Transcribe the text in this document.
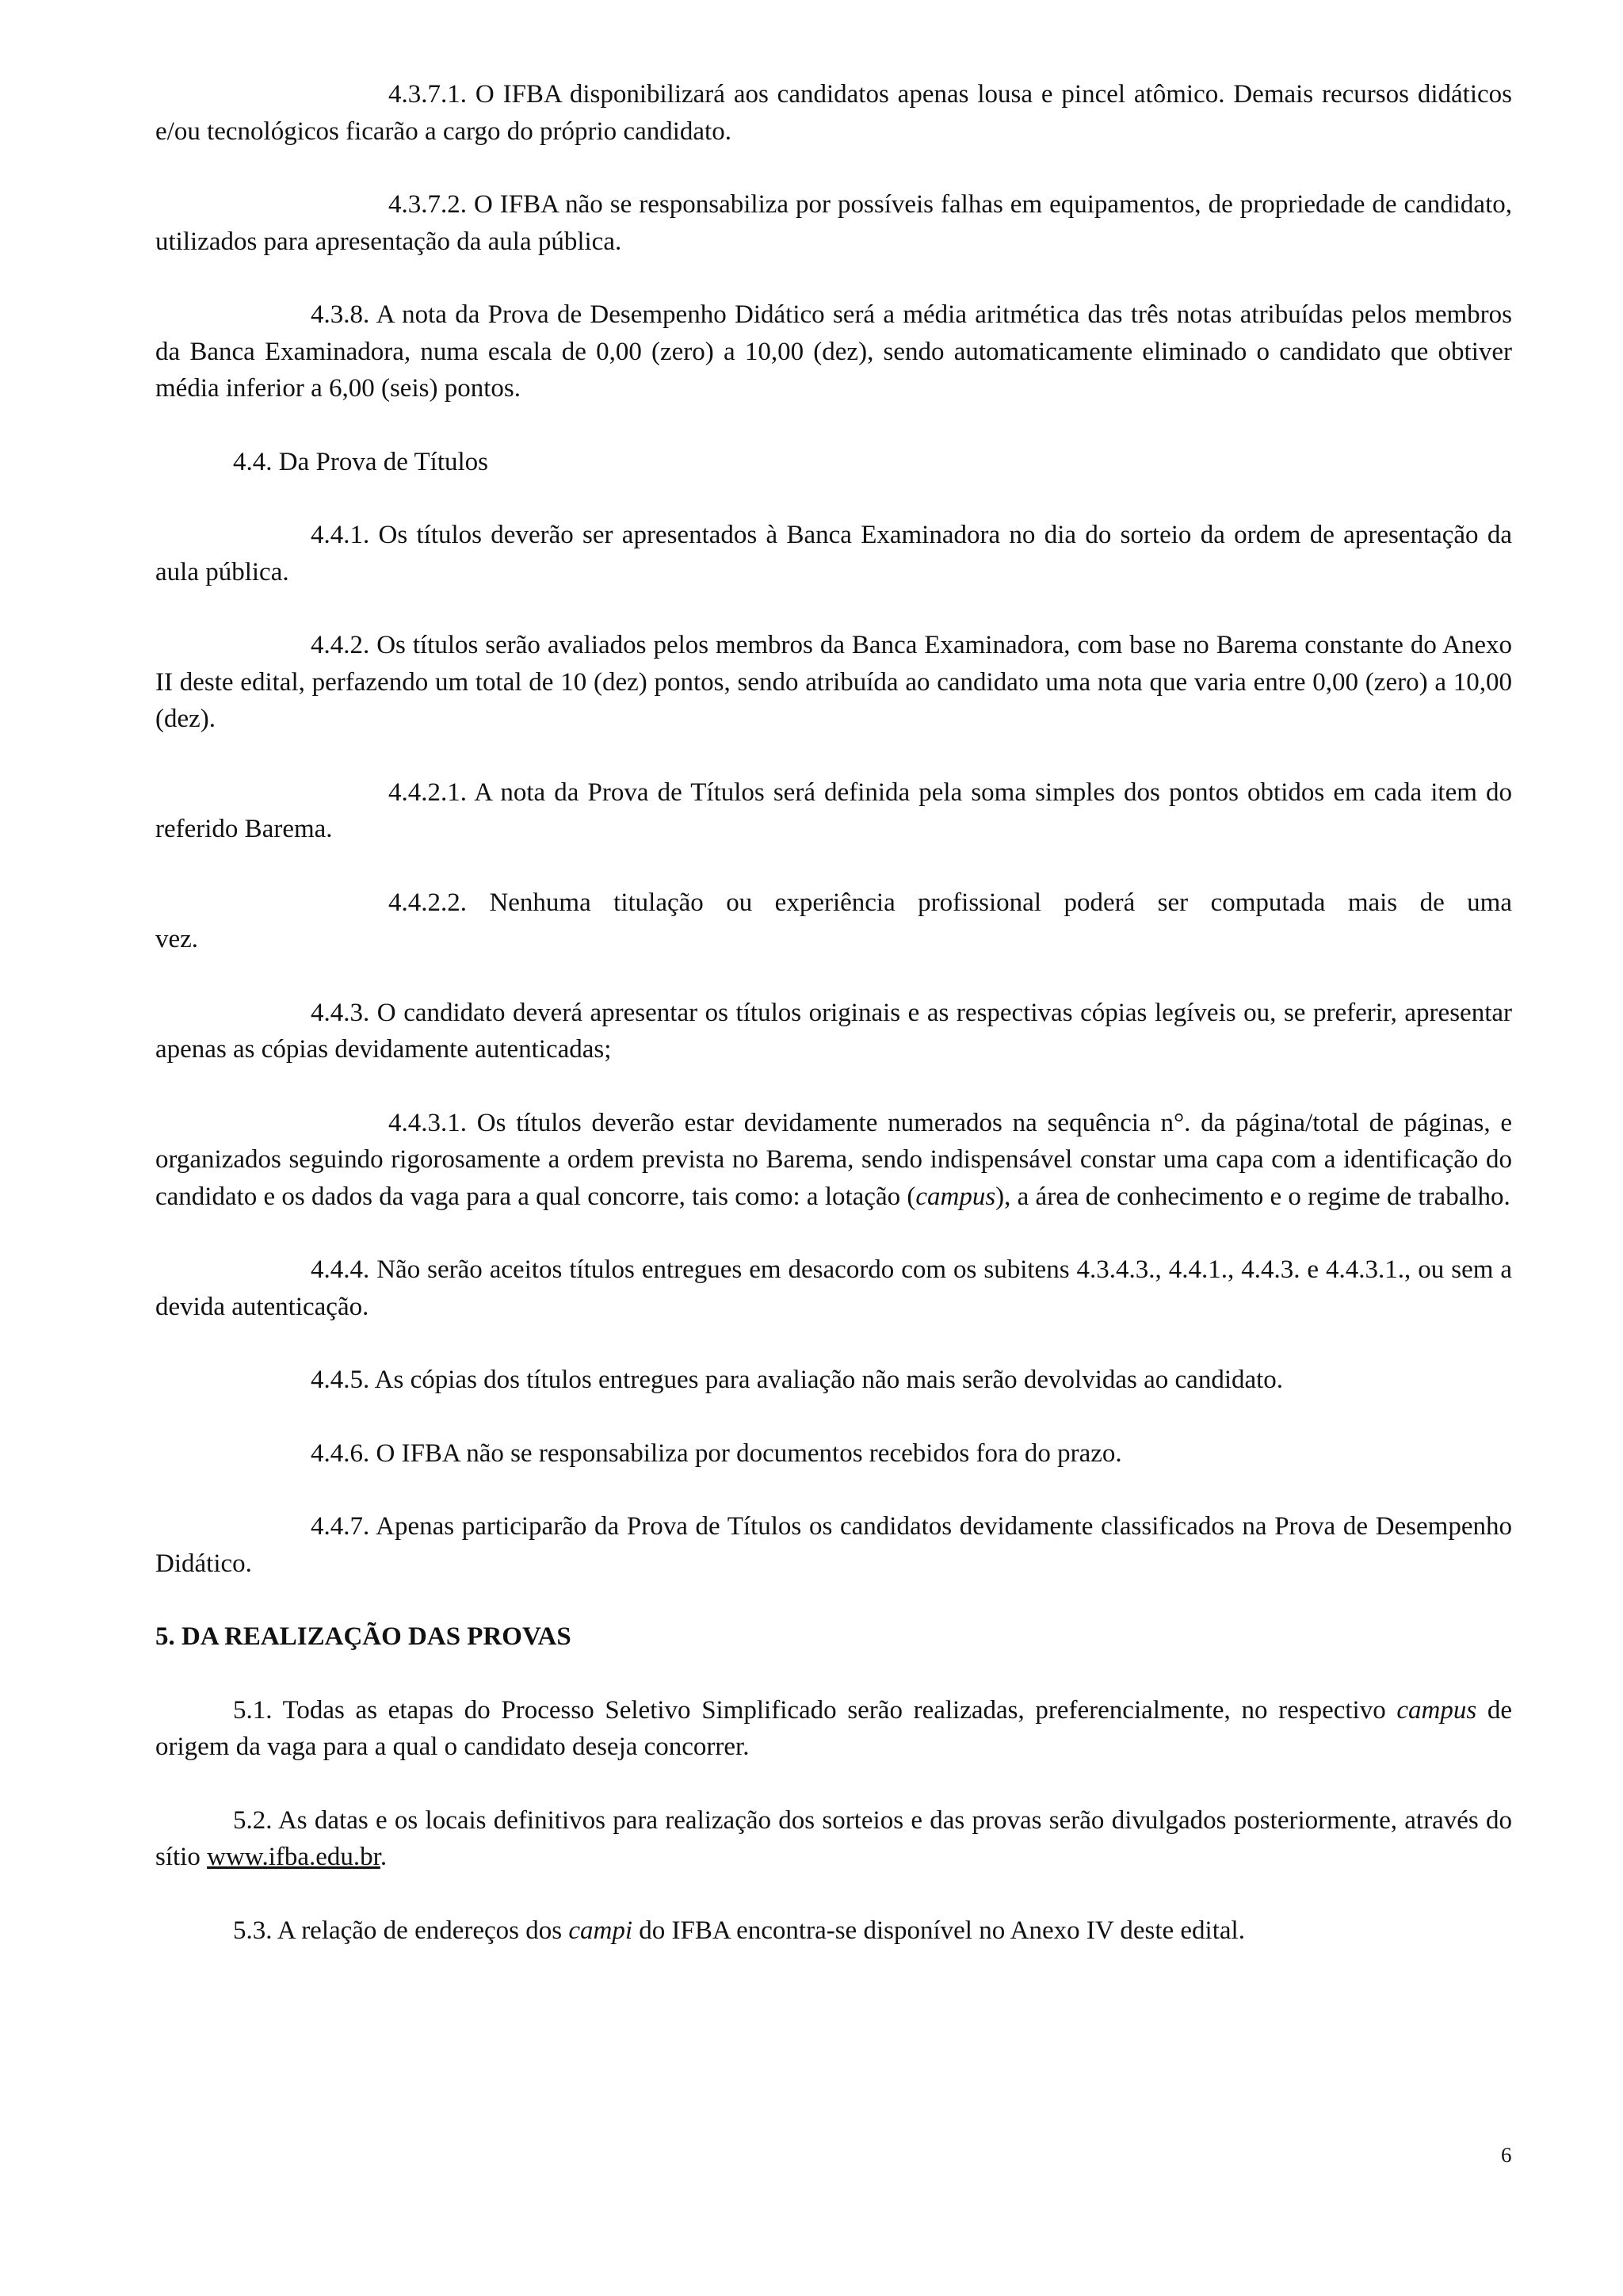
4.3.7.1. O IFBA disponibilizará aos candidatos apenas lousa e pincel atômico. Demais recursos didáticos e/ou tecnológicos ficarão a cargo do próprio candidato.

4.3.7.2. O IFBA não se responsabiliza por possíveis falhas em equipamentos, de propriedade de candidato, utilizados para apresentação da aula pública.

4.3.8. A nota da Prova de Desempenho Didático será a média aritmética das três notas atribuídas pelos membros da Banca Examinadora, numa escala de 0,00 (zero) a 10,00 (dez), sendo automaticamente eliminado o candidato que obtiver média inferior a 6,00 (seis) pontos.

4.4. Da Prova de Títulos

4.4.1. Os títulos deverão ser apresentados à Banca Examinadora no dia do sorteio da ordem de apresentação da aula pública.

4.4.2. Os títulos serão avaliados pelos membros da Banca Examinadora, com base no Barema constante do Anexo II deste edital, perfazendo um total de 10 (dez) pontos, sendo atribuída ao candidato uma nota que varia entre 0,00 (zero) a 10,00 (dez).

4.4.2.1. A nota da Prova de Títulos será definida pela soma simples dos pontos obtidos em cada item do referido Barema.

4.4.2.2. Nenhuma titulação ou experiência profissional poderá ser computada mais de uma

vez.

4.4.3. O candidato deverá apresentar os títulos originais e as respectivas cópias legíveis ou, se preferir, apresentar apenas as cópias devidamente autenticadas;

4.4.3.1. Os títulos deverão estar devidamente numerados na sequência n°. da página/total de páginas, e organizados seguindo rigorosamente a ordem prevista no Barema, sendo indispensável constar uma capa com a identificação do candidato e os dados da vaga para a qual concorre, tais como: a lotação (campus), a área de conhecimento e o regime de trabalho.

4.4.4. Não serão aceitos títulos entregues em desacordo com os subitens 4.3.4.3., 4.4.1., 4.4.3. e 4.4.3.1., ou sem a devida autenticação.

4.4.5. As cópias dos títulos entregues para avaliação não mais serão devolvidas ao candidato.

4.4.6. O IFBA não se responsabiliza por documentos recebidos fora do prazo.

4.4.7. Apenas participarão da Prova de Títulos os candidatos devidamente classificados na Prova de Desempenho Didático.

5. DA REALIZAÇÃO DAS PROVAS

5.1. Todas as etapas do Processo Seletivo Simplificado serão realizadas, preferencialmente, no respectivo campus de origem da vaga para a qual o candidato deseja concorrer.

5.2. As datas e os locais definitivos para realização dos sorteios e das provas serão divulgados posteriormente, através do sítio www.ifba.edu.br.

5.3. A relação de endereços dos campi do IFBA encontra-se disponível no Anexo IV deste edital.

6
